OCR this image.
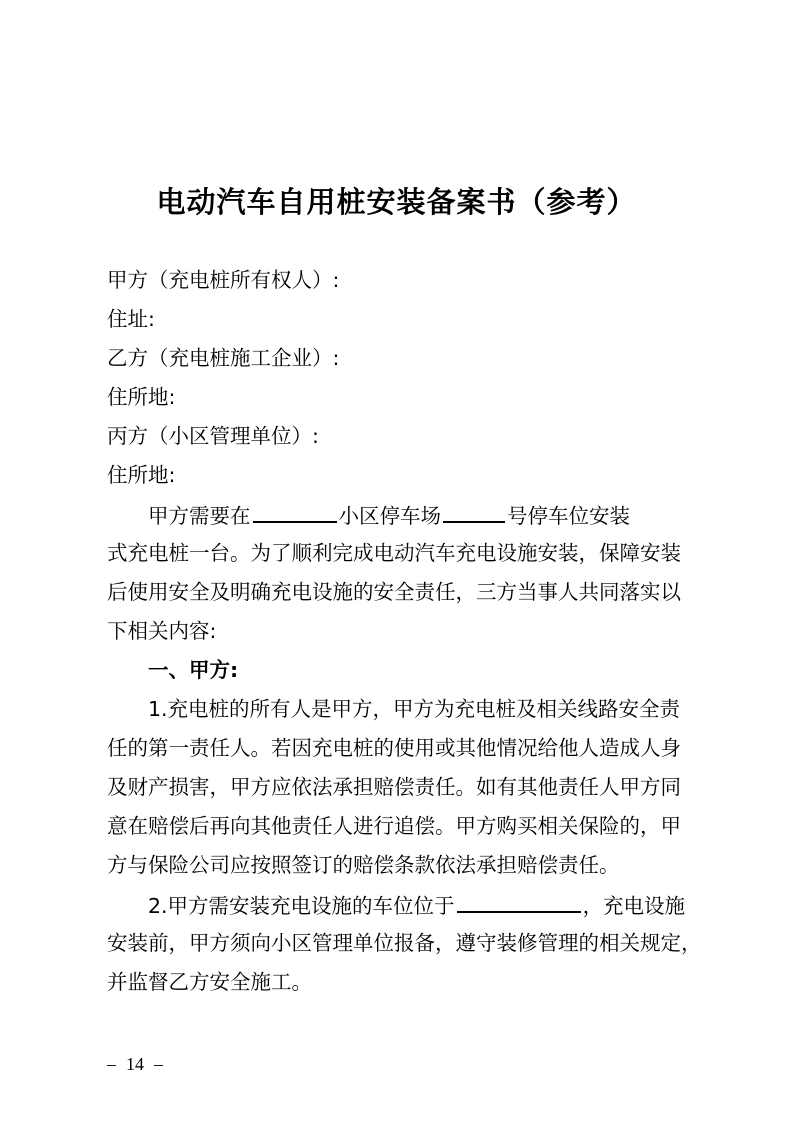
电动汽车自用桩安装备案书（参考）
甲方（充电桩所有权人）:
住址:
乙方（充电桩施工企业）:
住所地:
丙方（小区管理单位）:
住所地:
甲方需要在	小区停车场	号停车位安装
式充电桩一台。为了顺利完成电动汽车充电设施安装，保障安装
后使用安全及明确充电设施的安全责任，三方当事人共同落实以
下相关内容:
一、甲方:
1.充电桩的所有人是甲方，甲方为充电桩及相关线路安全责
任的第一责任人。若因充电桩的使用或其他情况给他人造成人身
及财产损害，甲方应依法承担赔偿责任。如有其他责任人甲方同
意在赔偿后再向其他责任人进行追偿。甲方购买相关保险的，甲
方与保险公司应按照签订的赔偿条款依法承担赔偿责任。
2.甲方需安装充电设施的车位位于	，充电设施
安装前，甲方须向小区管理单位报备，遵守装修管理的相关规定，
并监督乙方安全施工。
– 14 –
